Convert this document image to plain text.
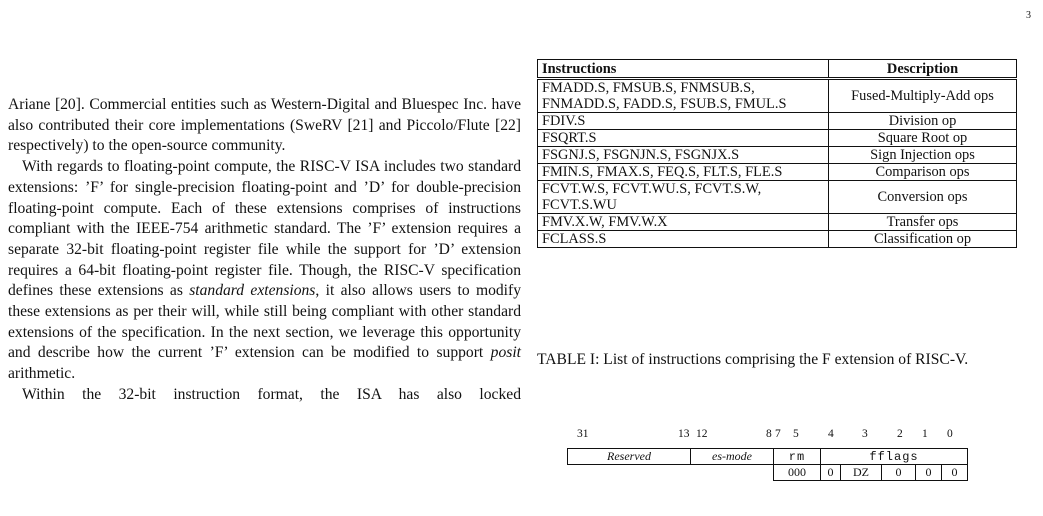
3

Ariane [20]. Commercial entities such as Western-Digital and Bluespec Inc. have also contributed their core implementations (SweRV [21] and Piccolo/Flute [22] respectively) to the open-source community.

With regards to floating-point compute, the RISC-V ISA includes two standard extensions: ’F’ for single-precision floating-point and ’D’ for double-precision floating-point compute. Each of these extensions comprises of instructions compliant with the IEEE-754 arithmetic standard. The ’F’ extension requires a separate 32-bit floating-point register file while the support for ’D’ extension requires a 64-bit floating-point register file. Though, the RISC-V specification defines these extensions as standard extensions, it also allows users to modify these extensions as per their will, while still being compliant with other standard extensions of the specification. In the next section, we leverage this opportunity and describe how the current ’F’ extension can be modified to support posit arithmetic.

Within the 32-bit instruction format, the ISA has also locked

Instructions	Description
FMADD.S, FMSUB.S, FNMSUB.S, FNMADD.S, FADD.S, FSUB.S, FMUL.S	Fused-Multiply-Add ops
FDIV.S	Division op
FSQRT.S	Square Root op
FSGNJ.S, FSGNJN.S, FSGNJX.S	Sign Injection ops
FMIN.S, FMAX.S, FEQ.S, FLT.S, FLE.S	Comparison ops
FCVT.W.S, FCVT.WU.S, FCVT.S.W, FCVT.S.WU	Conversion ops
FMV.X.W, FMV.W.X	Transfer ops
FCLASS.S	Classification op
TABLE I: List of instructions comprising the F extension of RISC-V.
31	13 12	8 7 5	4 3	2 1 0
Reserved	es-mode	rm	fflags				
		000	0	DZ	0	0	0
